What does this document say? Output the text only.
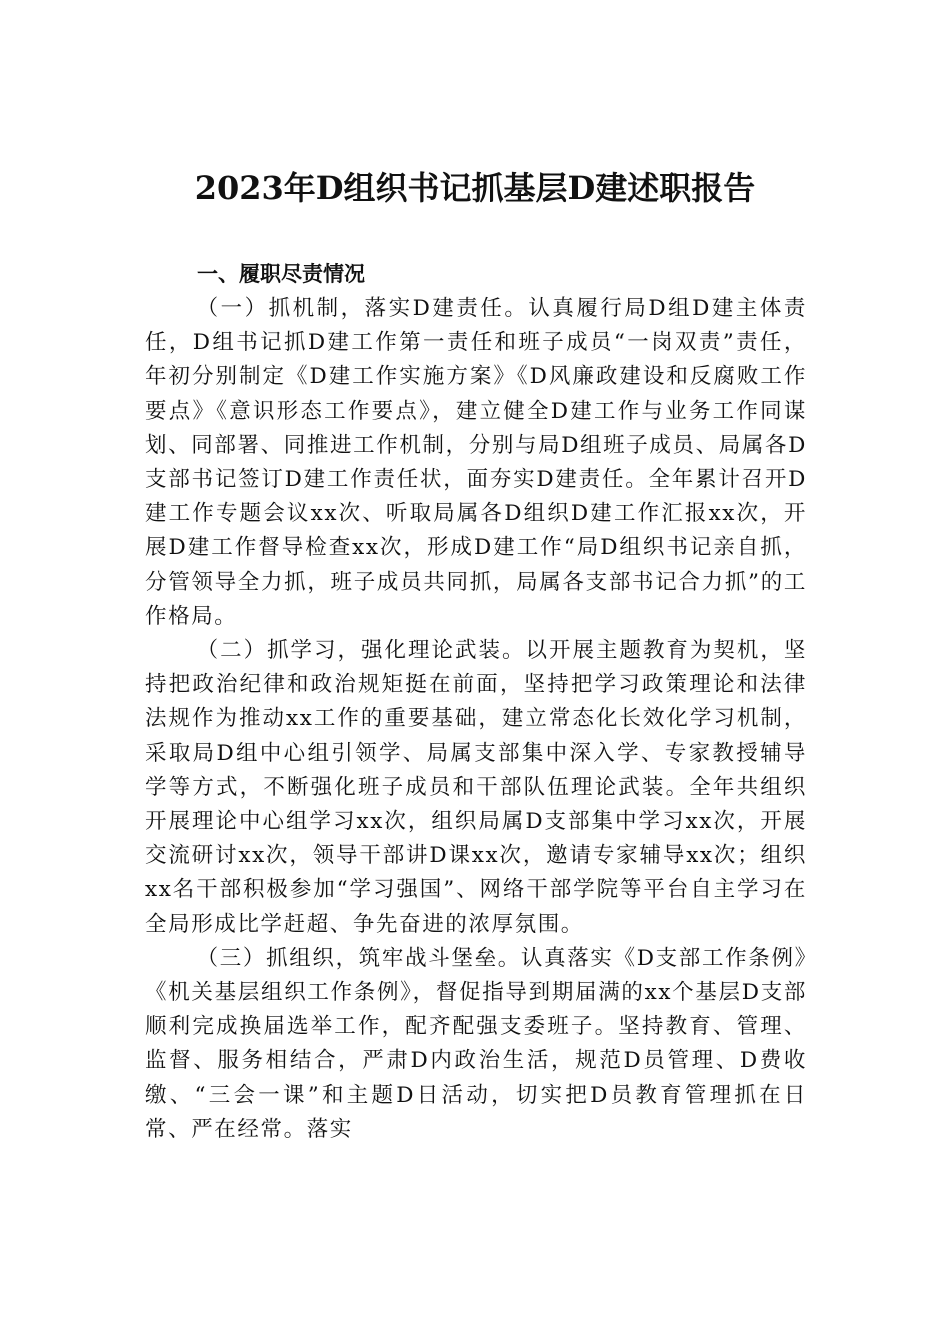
2023年D组织书记抓基层D建述职报告
一、履职尽责情况

（一）抓机制，落实D建责任。认真履行局D组D建主体责任，D组书记抓D建工作第一责任和班子成员“一岗双责”责任，年初分别制定《D建工作实施方案》《D风廉政建设和反腐败工作要点》《意识形态工作要点》，建立健全D建工作与业务工作同谋划、同部署、同推进工作机制，分别与局D组班子成员、局属各D支部书记签订D建工作责任状，面夯实D建责任。全年累计召开D建工作专题会议xx次、听取局属各D组织D建工作汇报xx次，开展D建工作督导检查xx次，形成D建工作“局D组织书记亲自抓，分管领导全力抓，班子成员共同抓，局属各支部书记合力抓”的工作格局。

（二）抓学习，强化理论武装。以开展主题教育为契机，坚持把政治纪律和政治规矩挺在前面，坚持把学习政策理论和法律法规作为推动xx工作的重要基础，建立常态化长效化学习机制，采取局D组中心组引领学、局属支部集中深入学、专家教授辅导学等方式，不断强化班子成员和干部队伍理论武装。全年共组织开展理论中心组学习xx次，组织局属D支部集中学习xx次，开展交流研讨xx次，领导干部讲D课xx次，邀请专家辅导xx次；组织xx名干部积极参加“学习强国”、网络干部学院等平台自主学习在全局形成比学赶超、争先奋进的浓厚氛围。

（三）抓组织，筑牢战斗堡垒。认真落实《D支部工作条例》《机关基层组织工作条例》，督促指导到期届满的xx个基层D支部顺利完成换届选举工作，配齐配强支委班子。坚持教育、管理、监督、服务相结合，严肃D内政治生活，规范D员管理、D费收缴、“三会一课”和主题D日活动，切实把D员教育管理抓在日常、严在经常。落实
